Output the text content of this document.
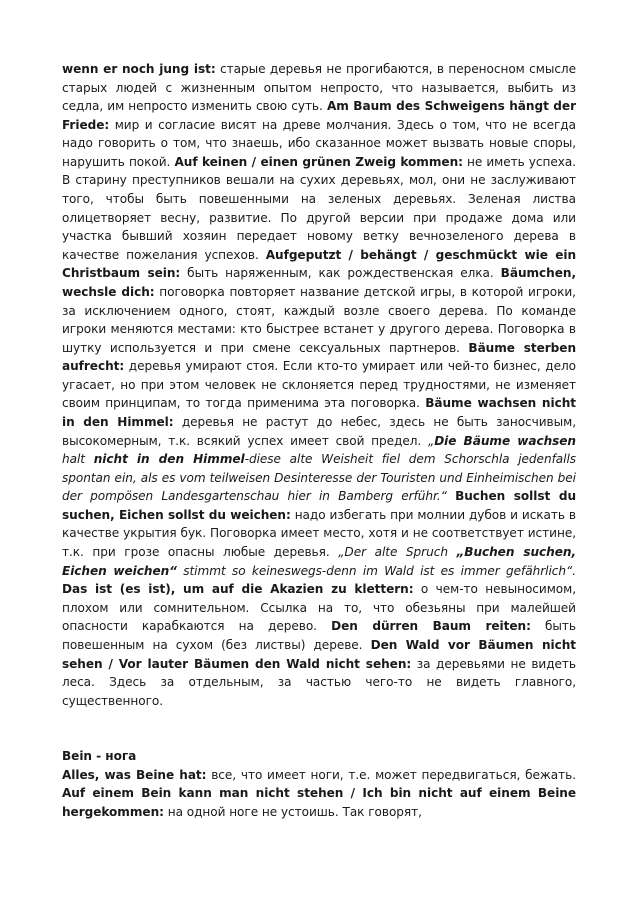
wenn er noch jung ist: старые деревья не прогибаются, в переносном смысле старых людей с жизненным опытом непросто, что называется, выбить из седла, им непросто изменить свою суть. Am Baum des Schweigens hängt der Friede: мир и согласие висят на древе молчания. Здесь о том, что не всегда надо говорить о том, что знаешь, ибо сказанное может вызвать новые споры, нарушить покой. Auf keinen / einen grünen Zweig kommen: не иметь успеха. В старину преступников вешали на сухих деревьях, мол, они не заслуживают того, чтобы быть повешенными на зеленых деревьях. Зеленая листва олицетворяет весну, развитие. По другой версии при продаже дома или участка бывший хозяин передает новому ветку вечнозеленого дерева в качестве пожелания успехов. Aufgeputzt / behängt / geschmückt wie ein Christbaum sein: быть наряженным, как рождественская елка. Bäumchen, wechsle dich: поговорка повторяет название детской игры, в которой игроки, за исключением одного, стоят, каждый возле своего дерева. По команде игроки меняются местами: кто быстрее встанет у другого дерева. Поговорка в шутку используется и при смене сексуальных партнеров. Bäume sterben aufrecht: деревья умирают стоя. Если кто-то умирает или чей-то бизнес, дело угасает, но при этом человек не склоняется перед трудностями, не изменяет своим принципам, то тогда применима эта поговорка. Bäume wachsen nicht in den Himmel: деревья не растут до небес, здесь не быть заносчивым, высокомерным, т.к. всякий успех имеет свой предел. „Die Bäume wachsen halt nicht in den Himmel-diese alte Weisheit fiel dem Schorschla jedenfalls spontan ein, als es vom teilweisen Desinteresse der Touristen und Einheimischen bei der pompösen Landesgartenschau hier in Bamberg erführ.“ Buchen sollst du suchen, Eichen sollst du weichen: надо избегать при молнии дубов и искать в качестве укрытия бук. Поговорка имеет место, хотя и не соответствует истине, т.к. при грозе опасны любые деревья. „Der alte Spruch „Buchen suchen, Eichen weichen“ stimmt so keineswegs-denn im Wald ist es immer gefährlich“. Das ist (es ist), um auf die Akazien zu klettern: о чем-то невыносимом, плохом или сомнительном. Ссылка на то, что обезьяны при малейшей опасности карабкаются на дерево. Den dürren Baum reiten: быть повешенным на сухом (без листвы) дереве. Den Wald vor Bäumen nicht sehen / Vor lauter Bäumen den Wald nicht sehen: за деревьями не видеть леса. Здесь за отдельным, за частью чего-то не видеть главного, существенного.

Bein - нога

Alles, was Beine hat: все, что имеет ноги, т.е. может передвигаться, бежать. Auf einem Bein kann man nicht stehen / Ich bin nicht auf einem Beine hergekommen: на одной ноге не устоишь. Так говорят,
